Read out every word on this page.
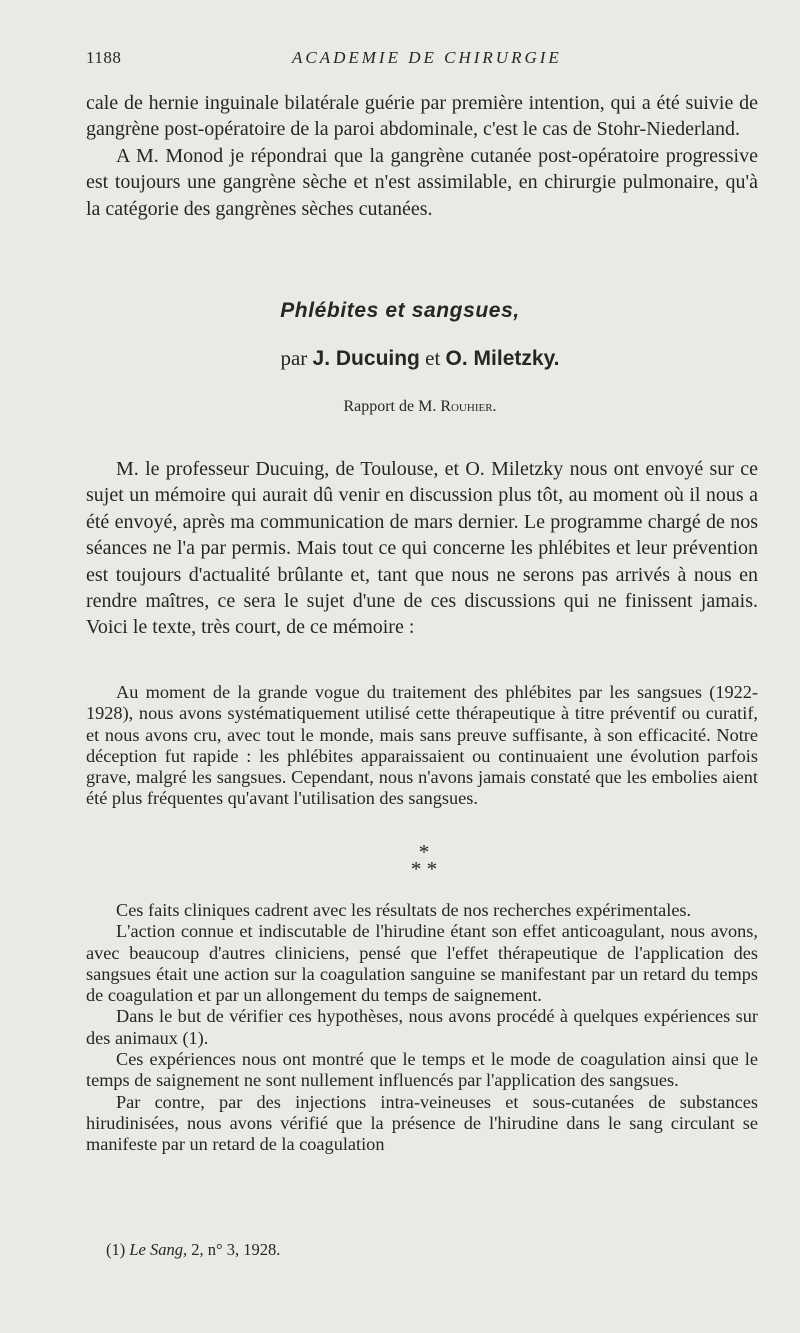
1188	ACADEMIE DE CHIRURGIE

cale de hernie inguinale bilatérale guérie par première intention, qui a été suivie de gangrène post-opératoire de la paroi abdominale, c'est le cas de Stohr-Niederland.

A M. Monod je répondrai que la gangrène cutanée post-opératoire progressive est toujours une gangrène sèche et n'est assimilable, en chirurgie pulmonaire, qu'à la catégorie des gangrènes sèches cutanées.

Phlébites et sangsues,
par J. Ducuing et O. Miletzky.
Rapport de M. Rouhier.

M. le professeur Ducuing, de Toulouse, et O. Miletzky nous ont envoyé sur ce sujet un mémoire qui aurait dû venir en discussion plus tôt, au moment où il nous a été envoyé, après ma communication de mars dernier. Le programme chargé de nos séances ne l'a par permis. Mais tout ce qui concerne les phlébites et leur prévention est toujours d'actualité brûlante et, tant que nous ne serons pas arrivés à nous en rendre maîtres, ce sera le sujet d'une de ces discussions qui ne finissent jamais. Voici le texte, très court, de ce mémoire :

Au moment de la grande vogue du traitement des phlébites par les sangsues (1922-1928), nous avons systématiquement utilisé cette thérapeutique à titre préventif ou curatif, et nous avons cru, avec tout le monde, mais sans preuve suffisante, à son efficacité. Notre déception fut rapide : les phlébites apparaissaient ou continuaient une évolution parfois grave, malgré les sangsues. Cependant, nous n'avons jamais constaté que les embolies aient été plus fréquentes qu'avant l'utilisation des sangsues.

*
* *

Ces faits cliniques cadrent avec les résultats de nos recherches expérimentales.

L'action connue et indiscutable de l'hirudine étant son effet anticoagulant, nous avons, avec beaucoup d'autres cliniciens, pensé que l'effet thérapeutique de l'application des sangsues était une action sur la coagulation sanguine se manifestant par un retard du temps de coagulation et par un allongement du temps de saignement.

Dans le but de vérifier ces hypothèses, nous avons procédé à quelques expériences sur des animaux (1).

Ces expériences nous ont montré que le temps et le mode de coagulation ainsi que le temps de saignement ne sont nullement influencés par l'application des sangsues.

Par contre, par des injections intra-veineuses et sous-cutanées de substances hirudinisées, nous avons vérifié que la présence de l'hirudine dans le sang circulant se manifeste par un retard de la coagulation

(1) Le Sang, 2, n° 3, 1928.
